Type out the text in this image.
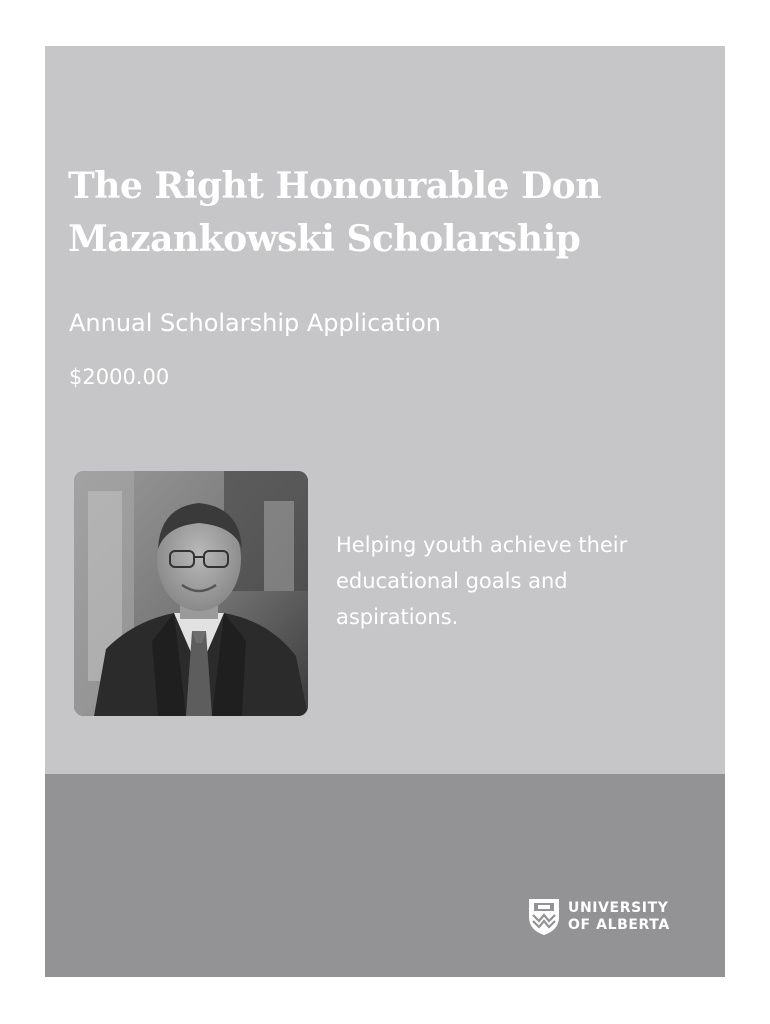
The Right Honourable Don Mazankowski Scholarship
Annual Scholarship Application

$2000.00

Helping youth achieve their educational goals and aspirations.

UNIVERSITY
OF ALBERTA
